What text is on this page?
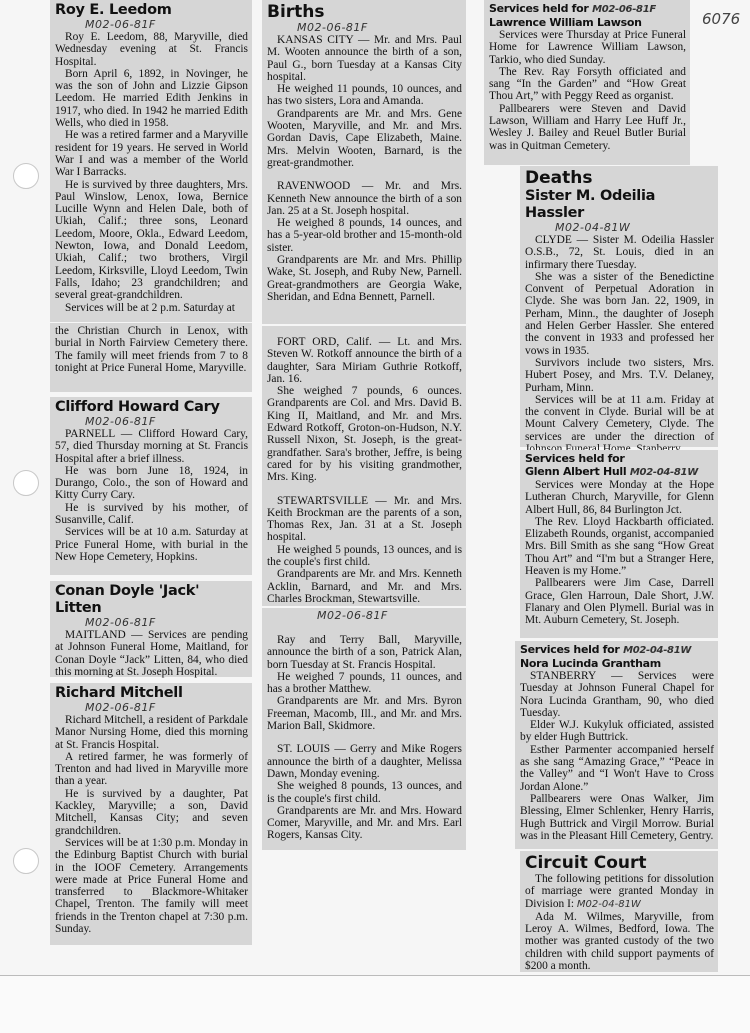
6076
Roy E. Leedom
M02-06-81F

Roy E. Leedom, 88, Maryville, died Wednesday evening at St. Francis Hospital.

Born April 6, 1892, in Novinger, he was the son of John and Lizzie Gipson Leedom. He married Edith Jenkins in 1917, who died. In 1942 he married Edith Wells, who died in 1958.

He was a retired farmer and a Maryville resident for 19 years. He served in World War I and was a member of the World War I Barracks.

He is survived by three daughters, Mrs. Paul Winslow, Lenox, Iowa, Bernice Lucille Wynn and Helen Dale, both of Ukiah, Calif.; three sons, Leonard Leedom, Moore, Okla., Edward Leedom, Newton, Iowa, and Donald Leedom, Ukiah, Calif.; two brothers, Virgil Leedom, Kirksville, Lloyd Leedom, Twin Falls, Idaho; 23 grandchildren; and several great-grandchildren.

Services will be at 2 p.m. Saturday at

the Christian Church in Lenox, with burial in North Fairview Cemetery there. The family will meet friends from 7 to 8 tonight at Price Funeral Home, Maryville.

Clifford Howard Cary
M02-06-81F

PARNELL — Clifford Howard Cary, 57, died Thursday morning at St. Francis Hospital after a brief illness.

He was born June 18, 1924, in Durango, Colo., the son of Howard and Kitty Curry Cary.

He is survived by his mother, of Susanville, Calif.

Services will be at 10 a.m. Saturday at Price Funeral Home, with burial in the New Hope Cemetery, Hopkins.

Conan Doyle 'Jack' Litten
M02-06-81F

MAITLAND — Services are pending at Johnson Funeral Home, Maitland, for Conan Doyle “Jack” Litten, 84, who died this morning at St. Joseph Hospital.

Richard Mitchell
M02-06-81F

Richard Mitchell, a resident of Parkdale Manor Nursing Home, died this morning at St. Francis Hospital.

A retired farmer, he was formerly of Trenton and had lived in Maryville more than a year.

He is survived by a daughter, Pat Kackley, Maryville; a son, David Mitchell, Kansas City; and seven grandchildren.

Services will be at 1:30 p.m. Monday in the Edinburg Baptist Church with burial in the IOOF Cemetery. Arrangements were made at Price Funeral Home and transferred to Blackmore-Whitaker Chapel, Trenton. The family will meet friends in the Trenton chapel at 7:30 p.m. Sunday.

Births
M02-06-81F

KANSAS CITY — Mr. and Mrs. Paul M. Wooten announce the birth of a son, Paul G., born Tuesday at a Kansas City hospital.

He weighed 11 pounds, 10 ounces, and has two sisters, Lora and Amanda.

Grandparents are Mr. and Mrs. Gene Wooten, Maryville, and Mr. and Mrs. Gordan Davis, Cape Elizabeth, Maine. Mrs. Melvin Wooten, Barnard, is the great-grandmother.

RAVENWOOD — Mr. and Mrs. Kenneth New announce the birth of a son Jan. 25 at a St. Joseph hospital.

He weighed 8 pounds, 14 ounces, and has a 5-year-old brother and 15-month-old sister.

Grandparents are Mr. and Mrs. Phillip Wake, St. Joseph, and Ruby New, Parnell. Great-grandmothers are Georgia Wake, Sheridan, and Edna Bennett, Parnell.

FORT ORD, Calif. — Lt. and Mrs. Steven W. Rotkoff announce the birth of a daughter, Sara Miriam Guthrie Rotkoff, Jan. 16.

She weighed 7 pounds, 6 ounces. Grandparents are Col. and Mrs. David B. King II, Maitland, and Mr. and Mrs. Edward Rotkoff, Groton-on-Hudson, N.Y. Russell Nixon, St. Joseph, is the great-grandfather. Sara's brother, Jeffre, is being cared for by his visiting grandmother, Mrs. King.

STEWARTSVILLE — Mr. and Mrs. Keith Brockman are the parents of a son, Thomas Rex, Jan. 31 at a St. Joseph hospital.

He weighed 5 pounds, 13 ounces, and is the couple's first child.

Grandparents are Mr. and Mrs. Kenneth Acklin, Barnard, and Mr. and Mrs. Charles Brockman, Stewartsville.

M02-06-81F

Ray and Terry Ball, Maryville, announce the birth of a son, Patrick Alan, born Tuesday at St. Francis Hospital.

He weighed 7 pounds, 11 ounces, and has a brother Matthew.

Grandparents are Mr. and Mrs. Byron Freeman, Macomb, Ill., and Mr. and Mrs. Marion Ball, Skidmore.

ST. LOUIS — Gerry and Mike Rogers announce the birth of a daughter, Melissa Dawn, Monday evening.

She weighed 8 pounds, 13 ounces, and is the couple's first child.

Grandparents are Mr. and Mrs. Howard Comer, Maryville, and Mr. and Mrs. Earl Rogers, Kansas City.

Services held for M02-06-81F
Lawrence William Lawson

Services were Thursday at Price Funeral Home for Lawrence William Lawson, Tarkio, who died Sunday.

The Rev. Ray Forsyth officiated and sang “In the Garden” and “How Great Thou Art,” with Peggy Reed as organist.

Pallbearers were Steven and David Lawson, William and Harry Lee Huff Jr., Wesley J. Bailey and Reuel Butler Burial was in Quitman Cemetery.

Deaths
Sister M. Odeilia Hassler
M02-04-81W

CLYDE — Sister M. Odeilia Hassler O.S.B., 72, St. Louis, died in an infirmary there Tuesday.

She was a sister of the Benedictine Convent of Perpetual Adoration in Clyde. She was born Jan. 22, 1909, in Perham, Minn., the daughter of Joseph and Helen Gerber Hassler. She entered the convent in 1933 and professed her vows in 1935.

Survivors include two sisters, Mrs. Hubert Posey, and Mrs. T.V. Delaney, Purham, Minn.

Services will be at 11 a.m. Friday at the convent in Clyde. Burial will be at Mount Calvery Cemetery, Clyde. The services are under the direction of

Services held for
Glenn Albert Hull M02-04-81W

Services were Monday at the Hope Lutheran Church, Maryville, for Glenn Albert Hull, 86, 84 Burlington Jct.

The Rev. Lloyd Hackbarth officiated. Elizabeth Rounds, organist, accompanied Mrs. Bill Smith as she sang “How Great Thou Art” and “I'm but a Stranger Here, Heaven is my Home.”

Pallbearers were Jim Case, Darrell Grace, Glen Harroun, Dale Short, J.W. Flanary and Olen Plymell. Burial was in Mt. Auburn Cemetery, St. Joseph.

Services held for M02-04-81W
Nora Lucinda Grantham

STANBERRY — Services were Tuesday at Johnson Funeral Chapel for Nora Lucinda Grantham, 90, who died Tuesday.

Elder W.J. Kukyluk officiated, assisted by elder Hugh Buttrick.

Esther Parmenter accompanied herself as she sang “Amazing Grace,” “Peace in the Valley” and “I Won't Have to Cross Jordan Alone.”

Pallbearers were Onas Walker, Jim Blessing, Elmer Schlenker, Henry Harris, Hugh Buttrick and Virgil Morrow. Burial was in the Pleasant Hill Cemetery, Gentry.

Circuit Court

The following petitions for dissolution of marriage were granted Monday in Division I: M02-04-81W

Ada M. Wilmes, Maryville, from Leroy A. Wilmes, Bedford, Iowa. The mother was granted custody of the two children with child support payments of $200 a month.
